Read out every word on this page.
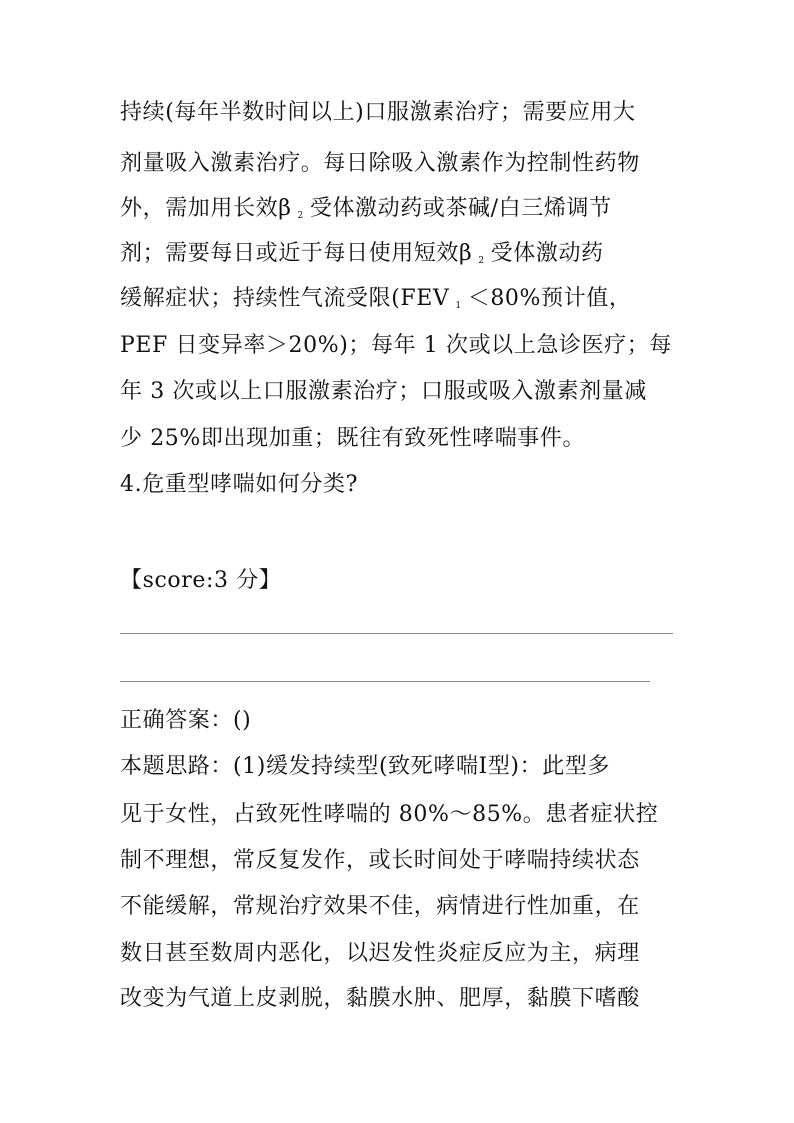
持续(每年半数时间以上)口服激素治疗；需要应用大
剂量吸入激素治疗。每日除吸入激素作为控制性药物
外，需加用长效β $_2$ 受体激动药或茶碱/白三烯调节
剂；需要每日或近于每日使用短效β $_2$ 受体激动药
缓解症状；持续性气流受限(FEV $_1$ ＜80%预计值，
PEF 日变异率＞20%)；每年 1 次或以上急诊医疗；每
年 3 次或以上口服激素治疗；口服或吸入激素剂量减
少 25%即出现加重；既往有致死性哮喘事件。
4.危重型哮喘如何分类?
【score:3 分】
正确答案：()
本题思路：(1)缓发持续型(致死哮喘Ⅰ型)：此型多
见于女性，占致死性哮喘的 80%～85%。患者症状控
制不理想，常反复发作，或长时间处于哮喘持续状态
不能缓解，常规治疗效果不佳，病情进行性加重，在
数日甚至数周内恶化，以迟发性炎症反应为主，病理
改变为气道上皮剥脱，黏膜水肿、肥厚，黏膜下嗜酸
